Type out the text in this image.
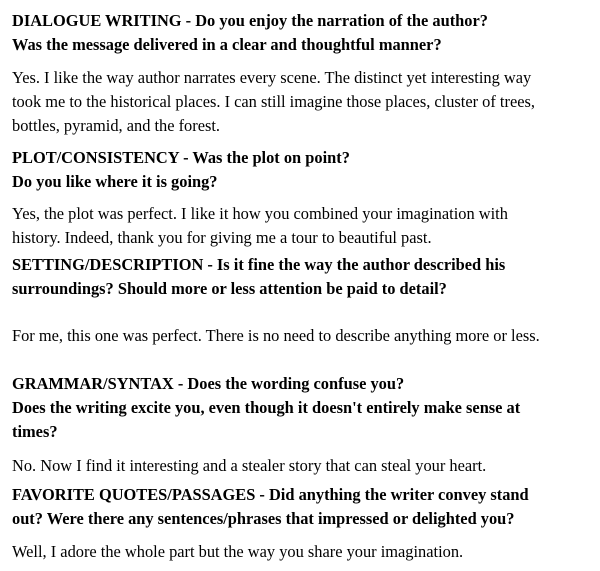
DIALOGUE WRITING - Do you enjoy the narration of the author?
Was the message delivered in a clear and thoughtful manner?
Yes. I like the way author narrates every scene. The distinct yet interesting way
took me to the historical places. I can still imagine those places, cluster of trees,
bottles, pyramid, and the forest.
PLOT/CONSISTENCY - Was the plot on point?
Do you like where it is going?
Yes, the plot was perfect. I like it how you combined your imagination with
history. Indeed, thank you for giving me a tour to beautiful past.
SETTING/DESCRIPTION - Is it fine the way the author described his
surroundings? Should more or less attention be paid to detail?
For me, this one was perfect. There is no need to describe anything more or less.
GRAMMAR/SYNTAX - Does the wording confuse you?
Does the writing excite you, even though it doesn't entirely make sense at
times?
No. Now I find it interesting and a stealer story that can steal your heart.
FAVORITE QUOTES/PASSAGES - Did anything the writer convey stand
out? Were there any sentences/phrases that impressed or delighted you?
Well, I adore the whole part but the way you share your imagination.
